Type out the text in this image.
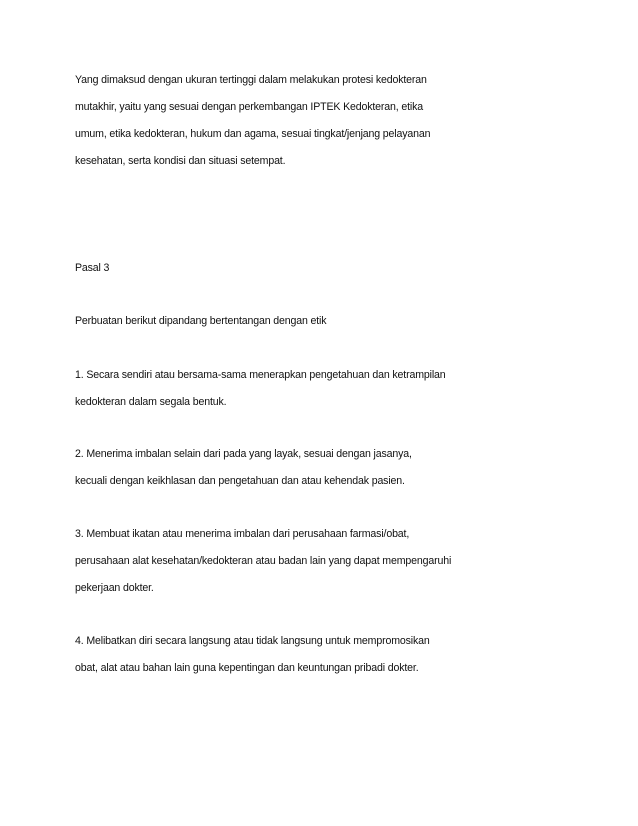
Yang dimaksud dengan ukuran tertinggi dalam melakukan protesi kedokteran
mutakhir, yaitu yang sesuai dengan perkembangan IPTEK Kedokteran, etika
umum, etika kedokteran, hukum dan agama, sesuai tingkat/jenjang pelayanan
kesehatan, serta kondisi dan situasi setempat.
Pasal 3
Perbuatan berikut dipandang bertentangan dengan etik
1. Secara sendiri atau bersama-sama menerapkan pengetahuan dan ketrampilan
kedokteran dalam segala bentuk.
2. Menerima imbalan selain dari pada yang layak, sesuai dengan jasanya,
kecuali dengan keikhlasan dan pengetahuan dan atau kehendak pasien.
3. Membuat ikatan atau menerima imbalan dari perusahaan farmasi/obat,
perusahaan alat kesehatan/kedokteran atau badan lain yang dapat mempengaruhi
pekerjaan dokter.
4. Melibatkan diri secara langsung atau tidak langsung untuk mempromosikan
obat, alat atau bahan lain guna kepentingan dan keuntungan pribadi dokter.
